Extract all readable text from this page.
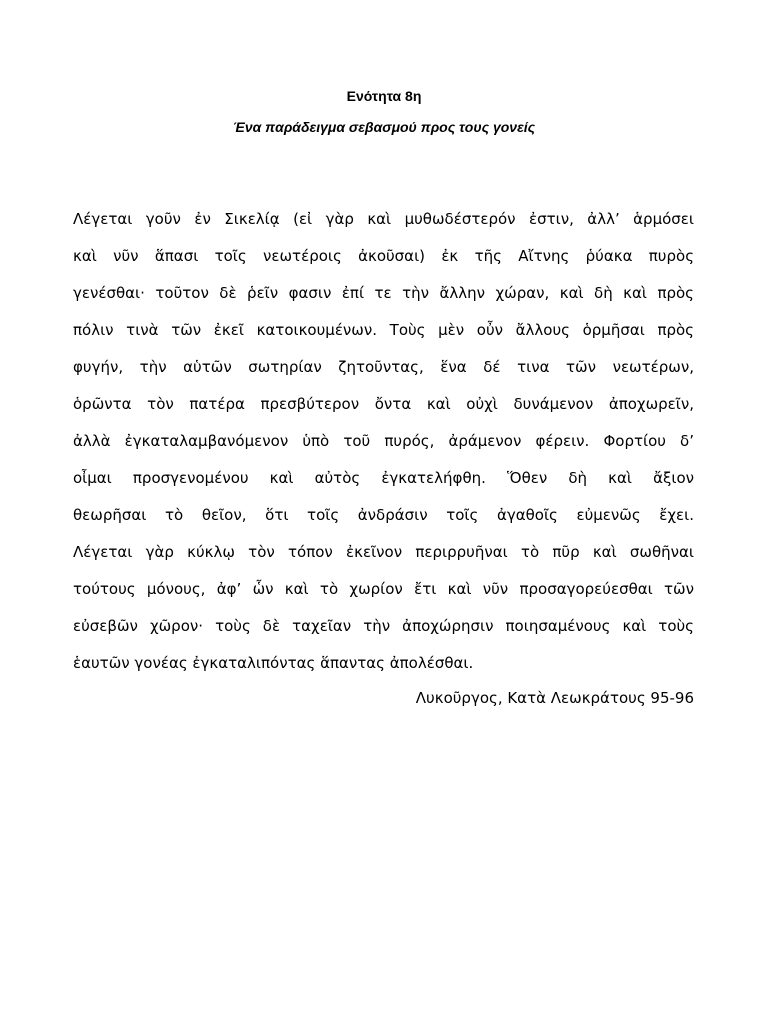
Ενότητα 8η

Ένα παράδειγμα σεβασμού προς τους γονείς

Λέγεται γοῦν ἐν Σικελίᾳ (εἰ γὰρ καὶ μυθωδέστερόν ἐστιν, ἀλλ’ ἁρμόσει
καὶ νῦν ἅπασι τοῖς νεωτέροις ἀκοῦσαι) ἐκ τῆς Αἴτνης ῥύακα πυρὸς
γενέσθαι· τοῦτον δὲ ῥεῖν φασιν ἐπί τε τὴν ἄλλην χώραν, καὶ δὴ καὶ πρὸς
πόλιν τινὰ τῶν ἐκεῖ κατοικουμένων. Τοὺς μὲν οὖν ἄλλους ὁρμῆσαι πρὸς
φυγήν, τὴν αὑτῶν σωτηρίαν ζητοῦντας, ἕνα δέ τινα τῶν νεωτέρων,
ὁρῶντα τὸν πατέρα πρεσβύτερον ὄντα καὶ οὐχὶ δυνάμενον ἀποχωρεῖν,
ἀλλὰ ἐγκαταλαμβανόμενον ὑπὸ τοῦ πυρός, ἀράμενον φέρειν. Φορτίου δ’
οἶμαι προσγενομένου καὶ αὐτὸς ἐγκατελήφθη. Ὅθεν δὴ καὶ ἄξιον
θεωρῆσαι τὸ θεῖον, ὅτι τοῖς ἀνδράσιν τοῖς ἀγαθοῖς εὐμενῶς ἔχει.
Λέγεται γὰρ κύκλῳ τὸν τόπον ἐκεῖνον περιρρυῆναι τὸ πῦρ καὶ σωθῆναι
τούτους μόνους, ἀφ’ ὧν καὶ τὸ χωρίον ἔτι καὶ νῦν προσαγορεύεσθαι τῶν
εὐσεβῶν χῶρον· τοὺς δὲ ταχεῖαν τὴν ἀποχώρησιν ποιησαμένους καὶ τοὺς
ἑαυτῶν γονέας ἐγκαταλιπόντας ἅπαντας ἀπολέσθαι.

Λυκοῦργος, Κατὰ Λεωκράτους 95-96
